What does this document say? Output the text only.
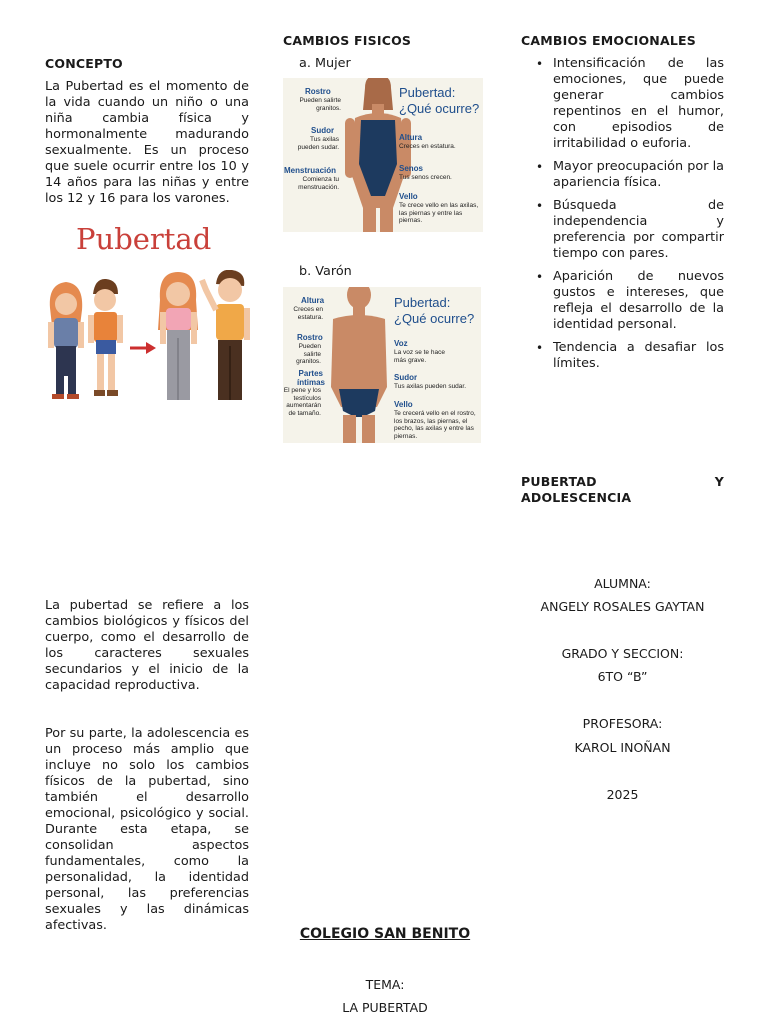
CONCEPTO
La Pubertad es el momento de la vida cuando un niño o una niña cambia física y hormonalmente madurando sexualmente. Es un proceso que suele ocurrir entre los 10 y 14 años para las niñas y entre los 12 y 16 para los varones.
Pubertad
La pubertad se refiere a los cambios biológicos y físicos del cuerpo, como el desarrollo de los caracteres sexuales secundarios y el inicio de la capacidad reproductiva.
Por su parte, la adolescencia es un proceso más amplio que incluye no solo los cambios físicos de la pubertad, sino también el desarrollo emocional, psicológico y social. Durante esta etapa, se consolidan aspectos fundamentales, como la personalidad, la identidad personal, las preferencias sexuales y las dinámicas afectivas.
CAMBIOS FISICOS
a. Mujer
Rostro
Pueden salirte granitos.
Sudor
Tus axilas pueden sudar.
Menstruación
Comienza tu menstruación.
Pubertad:
¿Qué ocurre?
Altura
Creces en estatura.
Senos
Tus senos crecen.
Vello
Te crece vello en las axilas, las piernas y entre las piernas.
b. Varón
Altura
Creces en estatura.
Rostro
Pueden salirte granitos.
Partes íntimas
El pene y los testículos aumentarán de tamaño.
Pubertad:
¿Qué ocurre?
Voz
La voz se te hace más grave.
Sudor
Tus axilas pueden sudar.
Vello
Te crecerá vello en el rostro, los brazos, las piernas, el pecho, las axilas y entre las piernas.
COLEGIO SAN BENITO
TEMA:
LA PUBERTAD
CAMBIOS EMOCIONALES
• Intensificación de las emociones, que puede generar cambios repentinos en el humor, con episodios de irritabilidad o euforia.
• Mayor preocupación por la apariencia física.
• Búsqueda de independencia y preferencia por compartir tiempo con pares.
• Aparición de nuevos gustos e intereses, que refleja el desarrollo de la identidad personal.
• Tendencia a desafiar los límites.
PUBERTAD Y ADOLESCENCIA
ALUMNA:
ANGELY ROSALES GAYTAN
GRADO Y SECCION:
6TO “B”
PROFESORA:
KAROL INOÑAN
2025
